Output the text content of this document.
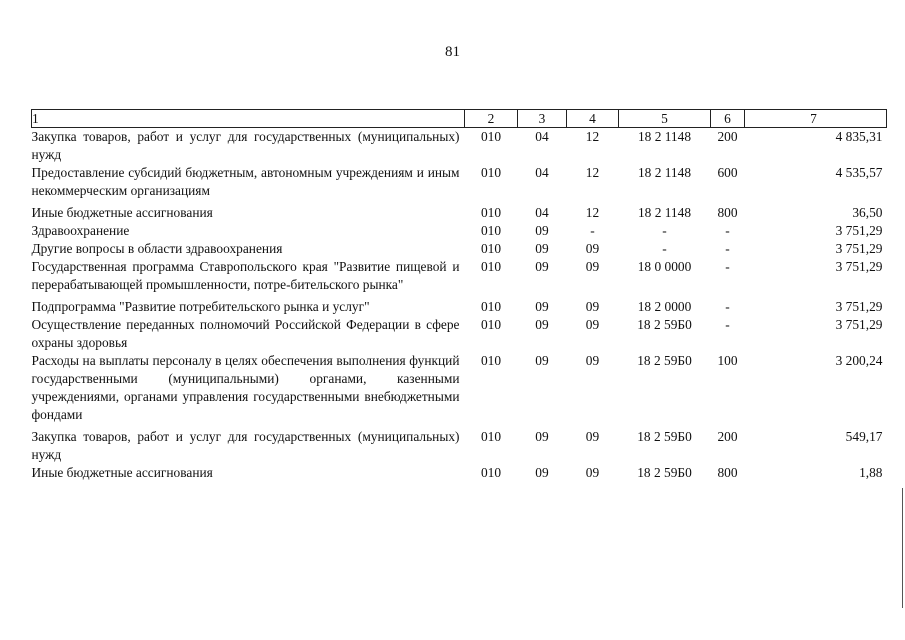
81
1	2	3	4	5	6	7
Закупка товаров, работ и услуг для государственных (муниципальных) нужд	010	04	12	18 2 1148	200	4 835,31
Предоставление субсидий бюджетным, автономным учреждениям и иным некоммерческим организациям	010	04	12	18 2 1148	600	4 535,57
Иные бюджетные ассигнования	010	04	12	18 2 1148	800	36,50
Здравоохранение	010	09	-	-	-	3 751,29
Другие вопросы в области здравоохранения	010	09	09	-	-	3 751,29
Государственная программа Ставропольского края "Развитие пищевой и перерабатывающей промышленности, потре-бительского рынка"	010	09	09	18 0 0000	-	3 751,29
Подпрограмма "Развитие потребительского рынка и услуг"	010	09	09	18 2 0000	-	3 751,29
Осуществление переданных полномочий Российской Федерации в сфере охраны здоровья	010	09	09	18 2 59Б0	-	3 751,29
Расходы на выплаты персоналу в целях обеспечения выполнения функций государственными (муниципальными) органами, казенными учреждениями, органами управления государственными внебюджетными фондами	010	09	09	18 2 59Б0	100	3 200,24
Закупка товаров, работ и услуг для государственных (муниципальных) нужд	010	09	09	18 2 59Б0	200	549,17
Иные бюджетные ассигнования	010	09	09	18 2 59Б0	800	1,88
